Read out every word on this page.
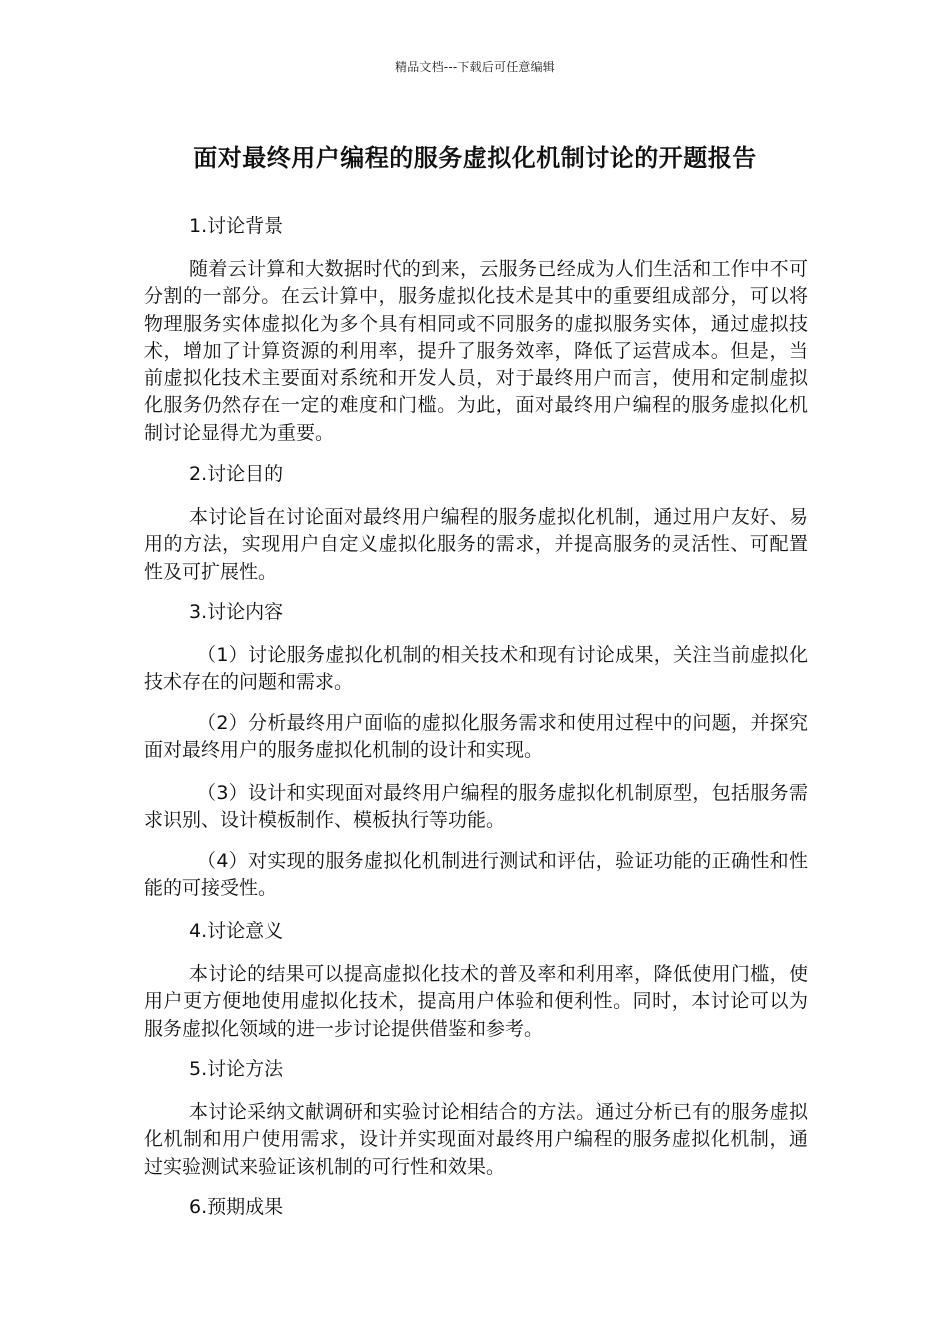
精品文档---下载后可任意编辑
面对最终用户编程的服务虚拟化机制讨论的开题报告
1.讨论背景
随着云计算和大数据时代的到来，云服务已经成为人们生活和工作中不可分割的一部分。在云计算中，服务虚拟化技术是其中的重要组成部分，可以将物理服务实体虚拟化为多个具有相同或不同服务的虚拟服务实体，通过虚拟技术，增加了计算资源的利用率，提升了服务效率，降低了运营成本。但是，当前虚拟化技术主要面对系统和开发人员，对于最终用户而言，使用和定制虚拟化服务仍然存在一定的难度和门槛。为此，面对最终用户编程的服务虚拟化机制讨论显得尤为重要。
2.讨论目的
本讨论旨在讨论面对最终用户编程的服务虚拟化机制，通过用户友好、易用的方法，实现用户自定义虚拟化服务的需求，并提高服务的灵活性、可配置性及可扩展性。
3.讨论内容
（1）讨论服务虚拟化机制的相关技术和现有讨论成果，关注当前虚拟化技术存在的问题和需求。
（2）分析最终用户面临的虚拟化服务需求和使用过程中的问题，并探究面对最终用户的服务虚拟化机制的设计和实现。
（3）设计和实现面对最终用户编程的服务虚拟化机制原型，包括服务需求识别、设计模板制作、模板执行等功能。
（4）对实现的服务虚拟化机制进行测试和评估，验证功能的正确性和性能的可接受性。
4.讨论意义
本讨论的结果可以提高虚拟化技术的普及率和利用率，降低使用门槛，使用户更方便地使用虚拟化技术，提高用户体验和便利性。同时，本讨论可以为服务虚拟化领域的进一步讨论提供借鉴和参考。
5.讨论方法
本讨论采纳文献调研和实验讨论相结合的方法。通过分析已有的服务虚拟化机制和用户使用需求，设计并实现面对最终用户编程的服务虚拟化机制，通过实验测试来验证该机制的可行性和效果。
6.预期成果
